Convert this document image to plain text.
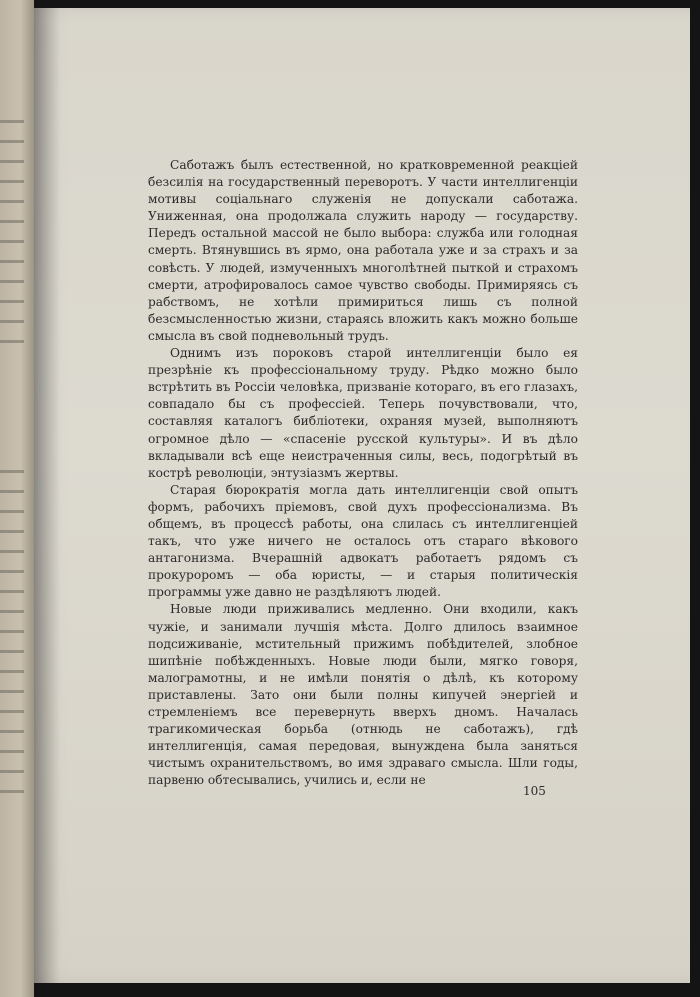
Саботажъ былъ естественной, но кратковременной реакціей безсилія на государственный переворотъ. У части интеллигенціи мотивы соціальнаго служенія не допускали саботажа. Униженная, она продолжала служить народу — государству. Передъ остальной массой не было выбора: служба или голодная смерть. Втянувшись въ ярмо, она работала уже и за страхъ и за совѣсть. У людей, измученныхъ многолѣтней пыткой и страхомъ смерти, атрофировалось самое чувство свободы. Примиряясь съ рабствомъ, не хотѣли примириться лишь съ полной безсмысленностью жизни, стараясь вложить какъ можно больше смысла въ свой подневольный трудъ.

Однимъ изъ пороковъ старой интеллигенціи было ея презрѣніе къ профессіональному труду. Рѣдко можно было встрѣтить въ Россіи человѣка, призваніе котораго, въ его глазахъ, совпадало бы съ профессіей. Теперь почувствовали, что, составляя каталогъ библіотеки, охраняя музей, выполняютъ огромное дѣло — «спасеніе русской культуры». И въ дѣло вкладывали всѣ еще неистраченныя силы, весь, подогрѣтый въ кострѣ революціи, энтузіазмъ жертвы.

Старая бюрократія могла дать интеллигенціи свой опытъ формъ, рабочихъ пріемовъ, свой духъ профессіонализма. Въ общемъ, въ процессѣ работы, она слилась съ интеллигенціей такъ, что уже ничего не осталось отъ стараго вѣкового антагонизма. Вчерашній адвокатъ работаетъ рядомъ съ прокуроромъ — оба юристы, — и старыя политическія программы уже давно не раздѣляютъ людей.

Новые люди приживались медленно. Они входили, какъ чужіе, и занимали лучшія мѣста. Долго длилось взаимное подсиживаніе, мстительный прижимъ побѣдителей, злобное шипѣніе побѣжденныхъ. Новые люди были, мягко говоря, малограмотны, и не имѣли понятія о дѣлѣ, къ которому приставлены. Зато они были полны кипучей энергіей и стремленіемъ все перевернуть вверхъ дномъ. Началась трагикомическая борьба (отнюдь не саботажъ), гдѣ интеллигенція, самая передовая, вынуждена была заняться чистымъ охранительствомъ, во имя здраваго смысла. Шли годы, парвеню обтесывались, учились и, если не

105
